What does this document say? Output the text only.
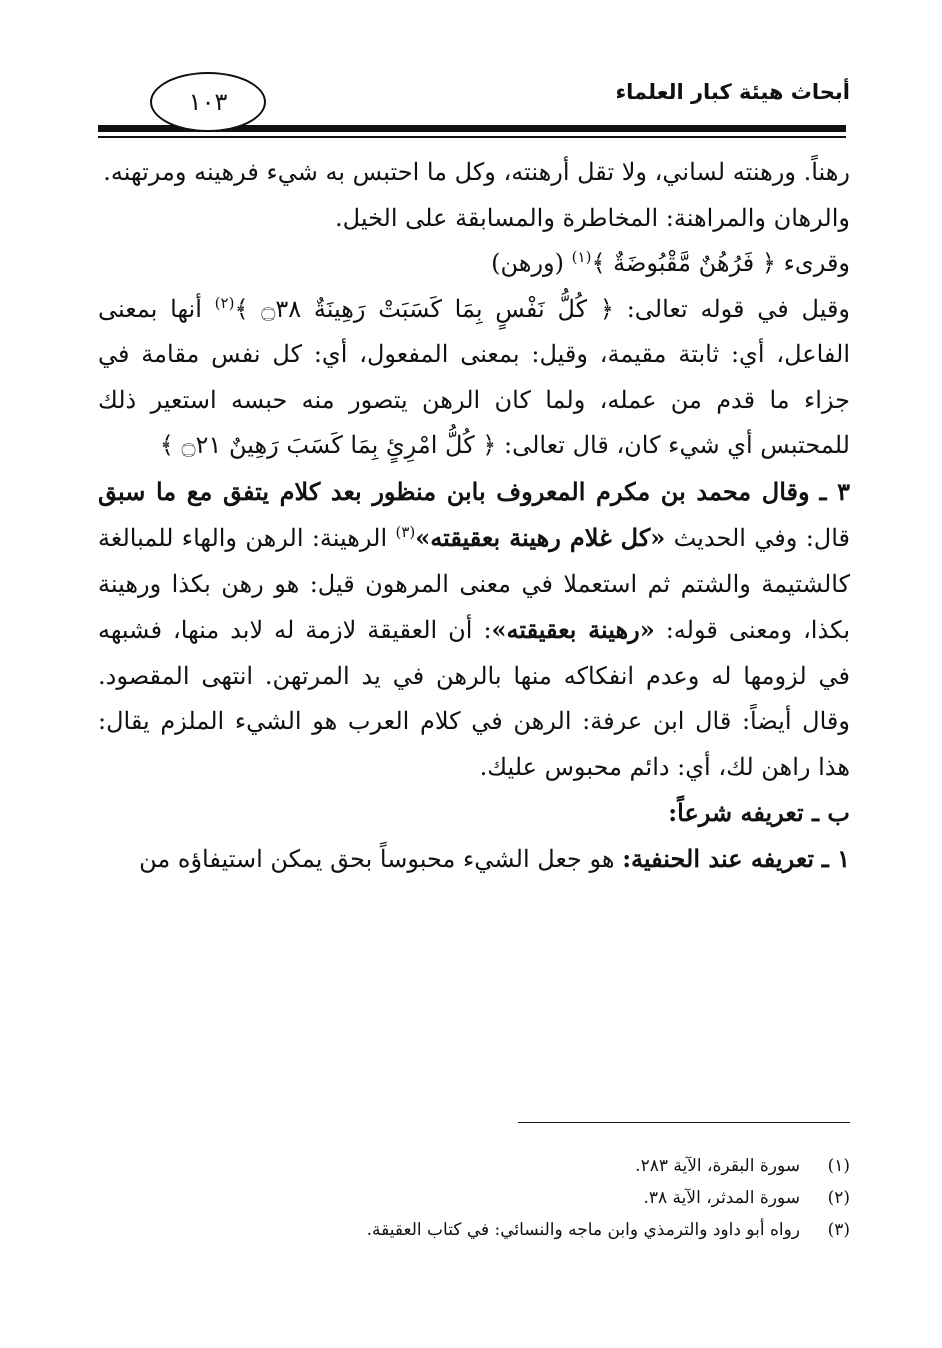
أبحاث هيئة كبار العلماء
١٠٣

رهناً. ورهنته لساني، ولا تقل أرهنته، وكل ما احتبس به شيء فرهينه ومرتهنه.

والرهان والمراهنة: المخاطرة والمسابقة على الخيل.

وقرىء ﴿ فَرُهُنٌ مَّقْبُوضَةٌ ﴾$^{(١)}$ (ورهن)

وقيل في قوله تعالى: ﴿ كُلُّ نَفْسٍ بِمَا كَسَبَتْ رَهِينَةٌ ۝٣٨ ﴾$^{(٢)}$ أنها بمعنى الفاعل، أي: ثابتة مقيمة، وقيل: بمعنى المفعول، أي: كل نفس مقامة في جزاء ما قدم من عمله، ولما كان الرهن يتصور منه حبسه استعير ذلك للمحتبس أي شيء كان، قال تعالى: ﴿ كُلُّ امْرِئٍ بِمَا كَسَبَ رَهِينٌ ۝٢١ ﴾

٣ ـ وقال محمد بن مكرم المعروف بابن منظور بعد كلام يتفق مع ما سبق قال: وفي الحديث «كل غلام رهينة بعقيقته»$^{(٣)}$ الرهينة: الرهن والهاء للمبالغة كالشتيمة والشتم ثم استعملا في معنى المرهون قيل: هو رهن بكذا ورهينة بكذا، ومعنى قوله: «رهينة بعقيقته»: أن العقيقة لازمة له لابد منها، فشبهه في لزومها له وعدم انفكاكه منها بالرهن في يد المرتهن. انتهى المقصود. وقال أيضاً: قال ابن عرفة: الرهن في كلام العرب هو الشيء الملزم يقال: هذا راهن لك، أي: دائم محبوس عليك.

ب ـ تعريفه شرعاً:

١ ـ تعريفه عند الحنفية: هو جعل الشيء محبوساً بحق يمكن استيفاؤه من

(١)
سورة البقرة، الآية ٢٨٣.
(٢)
سورة المدثر، الآية ٣٨.
(٣)
رواه أبو داود والترمذي وابن ماجه والنسائي: في كتاب العقيقة.
